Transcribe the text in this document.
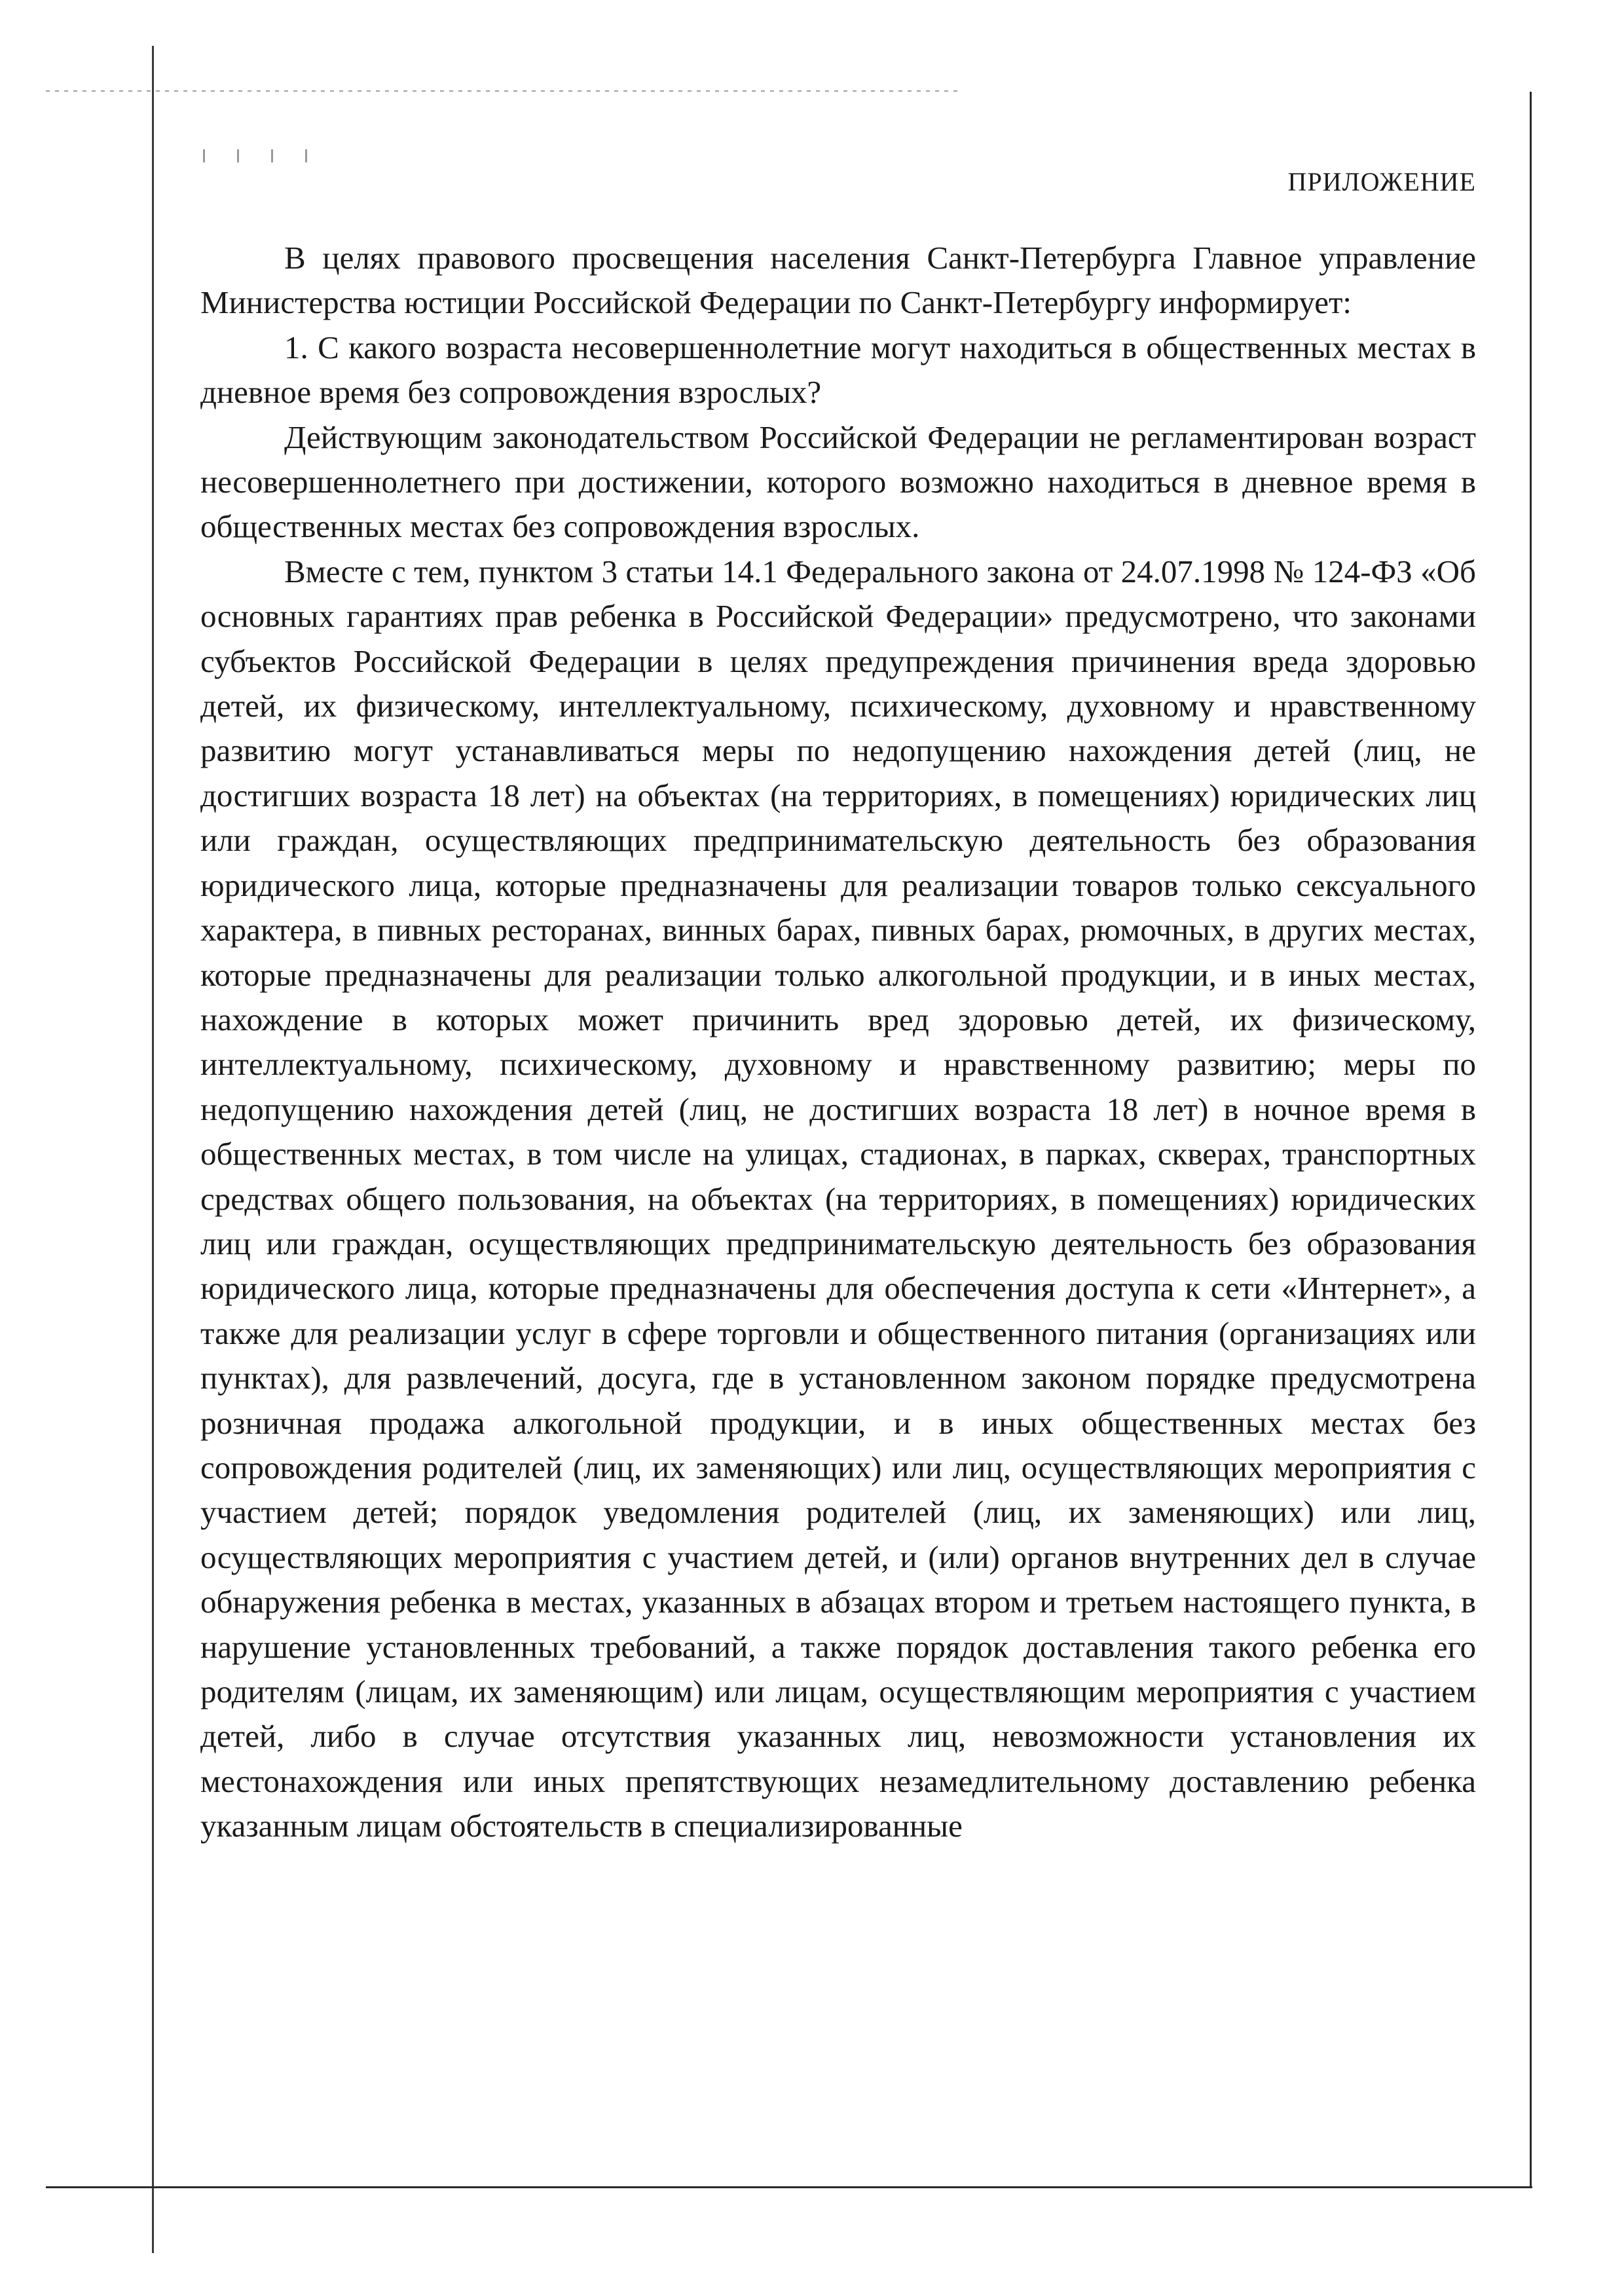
ПРИЛОЖЕНИЕ

В целях правового просвещения населения Санкт-Петербурга Главное управление Министерства юстиции Российской Федерации по Санкт-Петербургу информирует:

1. С какого возраста несовершеннолетние могут находиться в общественных местах в дневное время без сопровождения взрослых?

Действующим законодательством Российской Федерации не регламентирован возраст несовершеннолетнего при достижении, которого возможно находиться в дневное время в общественных местах без сопровождения взрослых.

Вместе с тем, пунктом 3 статьи 14.1 Федерального закона от 24.07.1998 № 124-ФЗ «Об основных гарантиях прав ребенка в Российской Федерации» предусмотрено, что законами субъектов Российской Федерации в целях предупреждения причинения вреда здоровью детей, их физическому, интеллектуальному, психическому, духовному и нравственному развитию могут устанавливаться меры по недопущению нахождения детей (лиц, не достигших возраста 18 лет) на объектах (на территориях, в помещениях) юридических лиц или граждан, осуществляющих предпринимательскую деятельность без образования юридического лица, которые предназначены для реализации товаров только сексуального характера, в пивных ресторанах, винных барах, пивных барах, рюмочных, в других местах, которые предназначены для реализации только алкогольной продукции, и в иных местах, нахождение в которых может причинить вред здоровью детей, их физическому, интеллектуальному, психическому, духовному и нравственному развитию; меры по недопущению нахождения детей (лиц, не достигших возраста 18 лет) в ночное время в общественных местах, в том числе на улицах, стадионах, в парках, скверах, транспортных средствах общего пользования, на объектах (на территориях, в помещениях) юридических лиц или граждан, осуществляющих предпринимательскую деятельность без образования юридического лица, которые предназначены для обеспечения доступа к сети «Интернет», а также для реализации услуг в сфере торговли и общественного питания (организациях или пунктах), для развлечений, досуга, где в установленном законом порядке предусмотрена розничная продажа алкогольной продукции, и в иных общественных местах без сопровождения родителей (лиц, их заменяющих) или лиц, осуществляющих мероприятия с участием детей; порядок уведомления родителей (лиц, их заменяющих) или лиц, осуществляющих мероприятия с участием детей, и (или) органов внутренних дел в случае обнаружения ребенка в местах, указанных в абзацах втором и третьем настоящего пункта, в нарушение установленных требований, а также порядок доставления такого ребенка его родителям (лицам, их заменяющим) или лицам, осуществляющим мероприятия с участием детей, либо в случае отсутствия указанных лиц, невозможности установления их местонахождения или иных препятствующих незамедлительному доставлению ребенка указанным лицам обстоятельств в специализированные
